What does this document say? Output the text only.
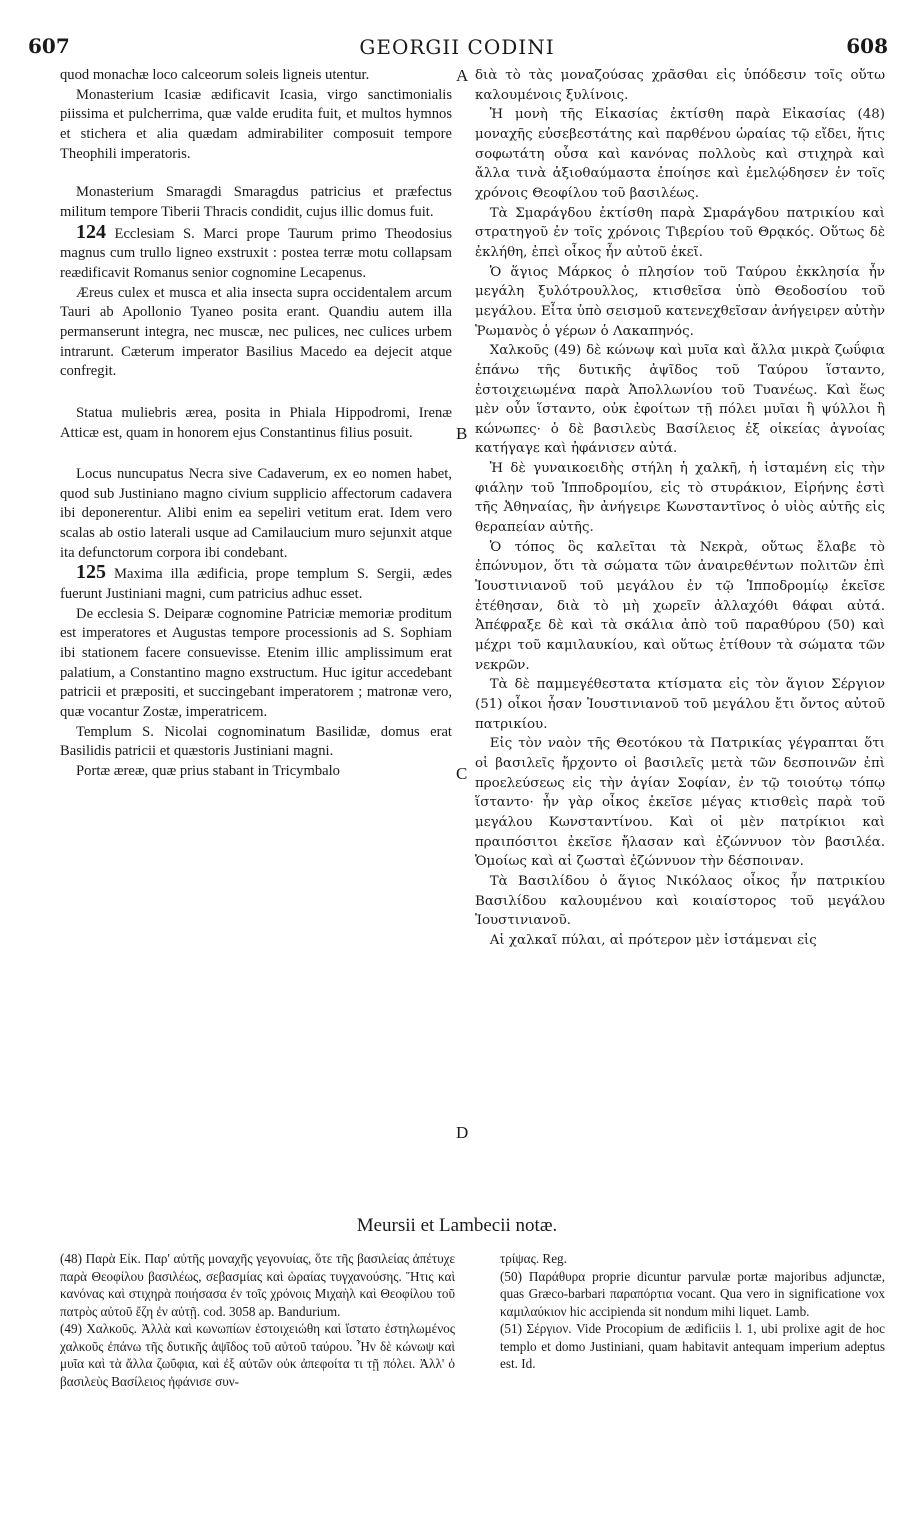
607	GEORGII CODINI	608
A
B
C
D

quod monachæ loco calceorum soleis ligneis utentur.

Monasterium Icasiæ ædificavit Icasia, virgo sanctimonialis piissima et pulcherrima, quæ valde erudita fuit, et multos hymnos et stichera et alia quædam admirabiliter composuit tempore Theophili imperatoris.

Monasterium Smaragdi Smaragdus patricius et præfectus militum tempore Tiberii Thracis condidit, cujus illic domus fuit.

124 Ecclesiam S. Marci prope Taurum primo Theodosius magnus cum trullo ligneo exstruxit : postea terræ motu collapsam reædificavit Romanus senior cognomine Lecapenus.

Æreus culex et musca et alia insecta supra occidentalem arcum Tauri ab Apollonio Tyaneo posita erant. Quandiu autem illa permanserunt integra, nec muscæ, nec pulices, nec culices urbem intrarunt. Cæterum imperator Basilius Macedo ea dejecit atque confregit.

Statua muliebris ærea, posita in Phiala Hippodromi, Irenæ Atticæ est, quam in honorem ejus Constantinus filius posuit.

Locus nuncupatus Necra sive Cadaverum, ex eo nomen habet, quod sub Justiniano magno civium supplicio affectorum cadavera ibi deponerentur. Alibi enim ea sepeliri vetitum erat. Idem vero scalas ab ostio laterali usque ad Camilaucium muro sejunxit atque ita defunctorum corpora ibi condebant.

125 Maxima illa ædificia, prope templum S. Sergii, ædes fuerunt Justiniani magni, cum patricius adhuc esset.

De ecclesia S. Deiparæ cognomine Patriciæ memoriæ proditum est imperatores et Augustas tempore processionis ad S. Sophiam ibi stationem facere consuevisse. Etenim illic amplissimum erat palatium, a Constantino magno exstructum. Huc igitur accedebant patricii et præpositi, et succingebant imperatorem ; matronæ vero, quæ vocantur Zostæ, imperatricem.

Templum S. Nicolai cognominatum Basilidæ, domus erat Basilidis patricii et quæstoris Justiniani magni.

Portæ æreæ, quæ prius stabant in Tricymbalo

διὰ τὸ τὰς μοναζούσας χρᾶσθαι εἰς ὑπόδεσιν τοῖς οὕτω καλουμένοις ξυλίνοις.

Ἡ μονὴ τῆς Εἰκασίας ἐκτίσθη παρὰ Εἰκασίας (48) μοναχῆς εὐσεβεστάτης καὶ παρθένου ὡραίας τῷ εἴδει, ἥτις σοφωτάτη οὖσα καὶ κανόνας πολλοὺς καὶ στιχηρὰ καὶ ἄλλα τινὰ ἀξιοθαύμαστα ἐποίησε καὶ ἐμελῴδησεν ἐν τοῖς χρόνοις Θεοφίλου τοῦ βασιλέως.

Τὰ Σμαράγδου ἐκτίσθη παρὰ Σμαράγδου πατρικίου καὶ στρατηγοῦ ἐν τοῖς χρόνοις Τιβερίου τοῦ Θρᾳκός. Οὕτως δὲ ἐκλήθη, ἐπεὶ οἶκος ἦν αὐτοῦ ἐκεῖ.

Ὁ ἅγιος Μάρκος ὁ πλησίον τοῦ Ταύρου ἐκκλησία ἦν μεγάλη ξυλότρουλλος, κτισθεῖσα ὑπὸ Θεοδοσίου τοῦ μεγάλου. Εἶτα ὑπὸ σεισμοῦ κατενεχθεῖσαν ἀνήγειρεν αὐτὴν Ῥωμανὸς ὁ γέρων ὁ Λακαπηνός.

Χαλκοῦς (49) δὲ κώνωψ καὶ μυῖα καὶ ἄλλα μικρὰ ζωΰφια ἐπάνω τῆς δυτικῆς ἀψῖδος τοῦ Ταύρου ἵσταντο, ἐστοιχειωμένα παρὰ Ἀπολλωνίου τοῦ Τυανέως. Καὶ ἕως μὲν οὖν ἵσταντο, οὐκ ἐφοίτων τῇ πόλει μυῖαι ἢ ψύλλοι ἢ κώνωπες· ὁ δὲ βασιλεὺς Βασίλειος ἐξ οἰκείας ἀγνοίας κατήγαγε καὶ ἠφάνισεν αὐτά.

Ἡ δὲ γυναικοειδὴς στήλη ἡ χαλκῆ, ἡ ἱσταμένη εἰς τὴν φιάλην τοῦ Ἱπποδρομίου, εἰς τὸ στυράκιον, Εἰρήνης ἐστὶ τῆς Ἀθηναίας, ἣν ἀνήγειρε Κωνσταντῖνος ὁ υἱὸς αὐτῆς εἰς θεραπείαν αὐτῆς.

Ὁ τόπος ὃς καλεῖται τὰ Νεκρὰ, οὕτως ἔλαβε τὸ ἐπώνυμον, ὅτι τὰ σώματα τῶν ἀναιρεθέντων πολιτῶν ἐπὶ Ἰουστινιανοῦ τοῦ μεγάλου ἐν τῷ Ἱπποδρομίῳ ἐκεῖσε ἐτέθησαν, διὰ τὸ μὴ χωρεῖν ἀλλαχόθι θάφαι αὐτά. Ἀπέφραξε δὲ καὶ τὰ σκάλια ἀπὸ τοῦ παραθύρου (50) καὶ μέχρι τοῦ καμιλαυκίου, καὶ οὕτως ἐτίθουν τὰ σώματα τῶν νεκρῶν.

Τὰ δὲ παμμεγέθεστατα κτίσματα εἰς τὸν ἅγιον Σέργιον (51) οἶκοι ἦσαν Ἰουστινιανοῦ τοῦ μεγάλου ἔτι ὄντος αὐτοῦ πατρικίου.

Εἰς τὸν ναὸν τῆς Θεοτόκου τὰ Πατρικίας γέγραπται ὅτι οἱ βασιλεῖς ἤρχοντο οἱ βασιλεῖς μετὰ τῶν δεσποινῶν ἐπὶ προελεύσεως εἰς τὴν ἁγίαν Σοφίαν, ἐν τῷ τοιούτῳ τόπῳ ἵσταντο· ἦν γὰρ οἶκος ἐκεῖσε μέγας κτισθεὶς παρὰ τοῦ μεγάλου Κωνσταντίνου. Καὶ οἱ μὲν πατρίκιοι καὶ πραιπόσιτοι ἐκεῖσε ἤλασαν καὶ ἐζώννυον τὸν βασιλέα. Ὁμοίως καὶ αἱ ζωσταὶ ἐζώννυον τὴν δέσποιναν.

Τὰ Βασιλίδου ὁ ἅγιος Νικόλαος οἶκος ἦν πατρικίου Βασιλίδου καλουμένου καὶ κοιαίστορος τοῦ μεγάλου Ἰουστινιανοῦ.

Αἱ χαλκαῖ πύλαι, αἱ πρότερον μὲν ἱστάμεναι εἰς

Meursii et Lambecii notæ.

(48) Παρὰ Εἰκ. Παρ' αὐτῆς μοναχῆς γεγονυίας, ὅτε τῆς βασιλείας ἀπέτυχε παρὰ Θεοφίλου βασιλέως, σεβασμίας καὶ ὡραίας τυγχανούσης. Ἥτις καὶ κανόνας καὶ στιχηρὰ ποιήσασα ἐν τοῖς χρόνοις Μιχαὴλ καὶ Θεοφίλου τοῦ πατρὸς αὐτοῦ ἔζη ἐν αὐτῇ. cod. 3058 ap. Bandurium.

(49) Χαλκοῦς. Ἀλλὰ καὶ κωνωπίων ἐστοιχειώθη καὶ ἵστατο ἐστηλωμένος χαλκοῦς ἐπάνω τῆς δυτικῆς ἀψῖδος τοῦ αὐτοῦ ταύρου. Ἦν δὲ κώνωψ καὶ μυῖα καὶ τὰ ἄλλα ζωΰφια, καὶ ἐξ αὐτῶν οὐκ ἀπεφοίτα τι τῇ πόλει. Ἀλλ' ὁ βασιλεὺς Βασίλειος ἠφάνισε συν-

τρίψας. Reg.

(50) Παράθυρα proprie dicuntur parvulæ portæ majoribus adjunctæ, quas Græco-barbari παραπόρτια vocant. Qua vero in significatione vox καμιλαύκιον hic accipienda sit nondum mihi liquet. Lamb.

(51) Σέργιον. Vide Procopium de ædificiis l. 1, ubi prolixe agit de hoc templo et domo Justiniani, quam habitavit antequam imperium adeptus est. Id.
